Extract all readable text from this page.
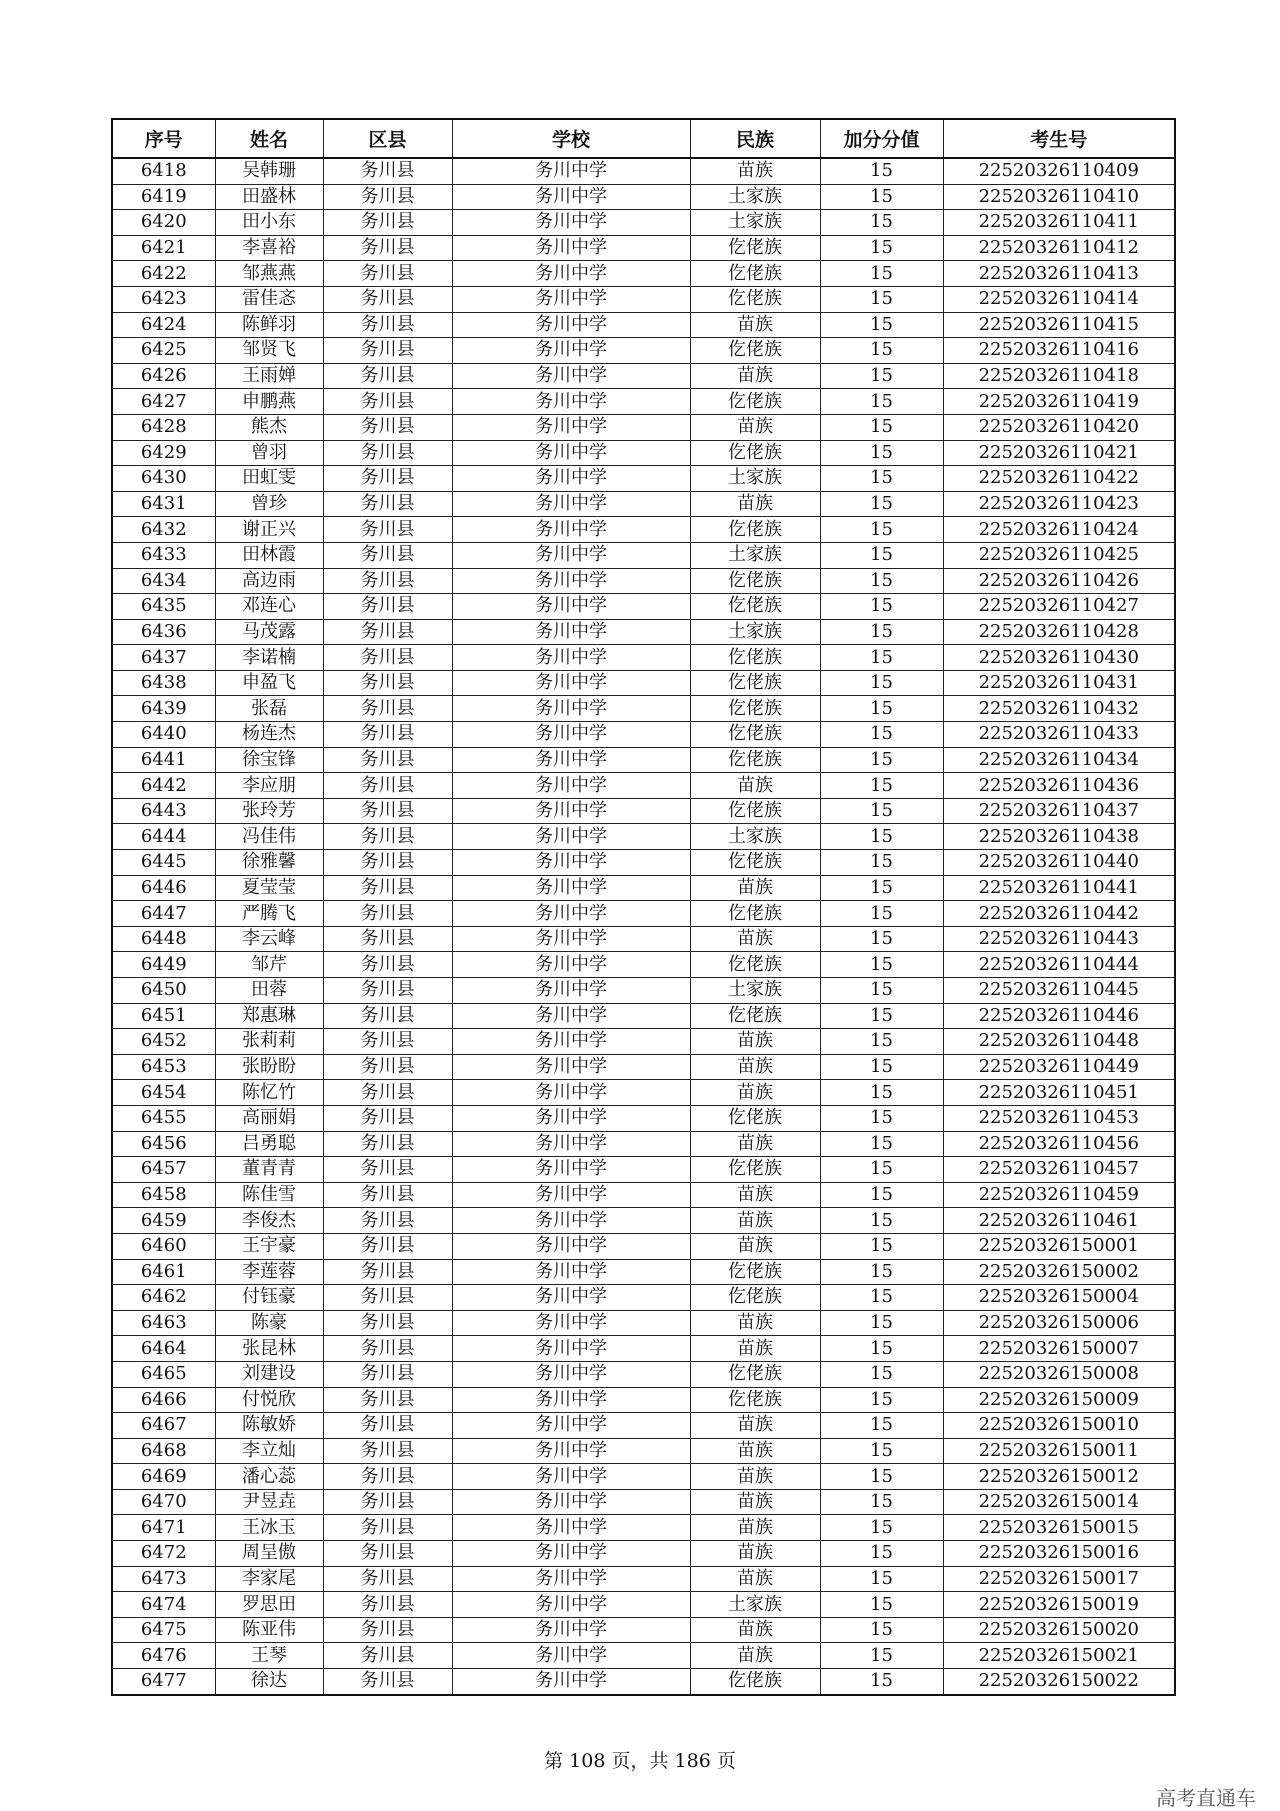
序号	姓名	区县	学校	民族	加分分值	考生号
6418	吴韩珊	务川县	务川中学	苗族	15	22520326110409
6419	田盛林	务川县	务川中学	土家族	15	22520326110410
6420	田小东	务川县	务川中学	土家族	15	22520326110411
6421	李喜裕	务川县	务川中学	仡佬族	15	22520326110412
6422	邹燕燕	务川县	务川中学	仡佬族	15	22520326110413
6423	雷佳忞	务川县	务川中学	仡佬族	15	22520326110414
6424	陈鲜羽	务川县	务川中学	苗族	15	22520326110415
6425	邹贤飞	务川县	务川中学	仡佬族	15	22520326110416
6426	王雨婵	务川县	务川中学	苗族	15	22520326110418
6427	申鹏燕	务川县	务川中学	仡佬族	15	22520326110419
6428	熊杰	务川县	务川中学	苗族	15	22520326110420
6429	曾羽	务川县	务川中学	仡佬族	15	22520326110421
6430	田虹雯	务川县	务川中学	土家族	15	22520326110422
6431	曾珍	务川县	务川中学	苗族	15	22520326110423
6432	谢正兴	务川县	务川中学	仡佬族	15	22520326110424
6433	田林霞	务川县	务川中学	土家族	15	22520326110425
6434	高边雨	务川县	务川中学	仡佬族	15	22520326110426
6435	邓连心	务川县	务川中学	仡佬族	15	22520326110427
6436	马茂露	务川县	务川中学	土家族	15	22520326110428
6437	李诺楠	务川县	务川中学	仡佬族	15	22520326110430
6438	申盈飞	务川县	务川中学	仡佬族	15	22520326110431
6439	张磊	务川县	务川中学	仡佬族	15	22520326110432
6440	杨连杰	务川县	务川中学	仡佬族	15	22520326110433
6441	徐宝锋	务川县	务川中学	仡佬族	15	22520326110434
6442	李应朋	务川县	务川中学	苗族	15	22520326110436
6443	张玲芳	务川县	务川中学	仡佬族	15	22520326110437
6444	冯佳伟	务川县	务川中学	土家族	15	22520326110438
6445	徐雅馨	务川县	务川中学	仡佬族	15	22520326110440
6446	夏莹莹	务川县	务川中学	苗族	15	22520326110441
6447	严腾飞	务川县	务川中学	仡佬族	15	22520326110442
6448	李云峰	务川县	务川中学	苗族	15	22520326110443
6449	邹芹	务川县	务川中学	仡佬族	15	22520326110444
6450	田蓉	务川县	务川中学	土家族	15	22520326110445
6451	郑惠琳	务川县	务川中学	仡佬族	15	22520326110446
6452	张莉莉	务川县	务川中学	苗族	15	22520326110448
6453	张盼盼	务川县	务川中学	苗族	15	22520326110449
6454	陈忆竹	务川县	务川中学	苗族	15	22520326110451
6455	高丽娟	务川县	务川中学	仡佬族	15	22520326110453
6456	吕勇聪	务川县	务川中学	苗族	15	22520326110456
6457	董青青	务川县	务川中学	仡佬族	15	22520326110457
6458	陈佳雪	务川县	务川中学	苗族	15	22520326110459
6459	李俊杰	务川县	务川中学	苗族	15	22520326110461
6460	王宇豪	务川县	务川中学	苗族	15	22520326150001
6461	李莲蓉	务川县	务川中学	仡佬族	15	22520326150002
6462	付钰豪	务川县	务川中学	仡佬族	15	22520326150004
6463	陈豪	务川县	务川中学	苗族	15	22520326150006
6464	张昆林	务川县	务川中学	苗族	15	22520326150007
6465	刘建设	务川县	务川中学	仡佬族	15	22520326150008
6466	付悦欣	务川县	务川中学	仡佬族	15	22520326150009
6467	陈敏娇	务川县	务川中学	苗族	15	22520326150010
6468	李立灿	务川县	务川中学	苗族	15	22520326150011
6469	潘心蕊	务川县	务川中学	苗族	15	22520326150012
6470	尹昱垚	务川县	务川中学	苗族	15	22520326150014
6471	王冰玉	务川县	务川中学	苗族	15	22520326150015
6472	周呈傲	务川县	务川中学	苗族	15	22520326150016
6473	李家尾	务川县	务川中学	苗族	15	22520326150017
6474	罗思田	务川县	务川中学	土家族	15	22520326150019
6475	陈亚伟	务川县	务川中学	苗族	15	22520326150020
6476	王琴	务川县	务川中学	苗族	15	22520326150021
6477	徐达	务川县	务川中学	仡佬族	15	22520326150022
第 108 页，共 186 页
高考直通车
